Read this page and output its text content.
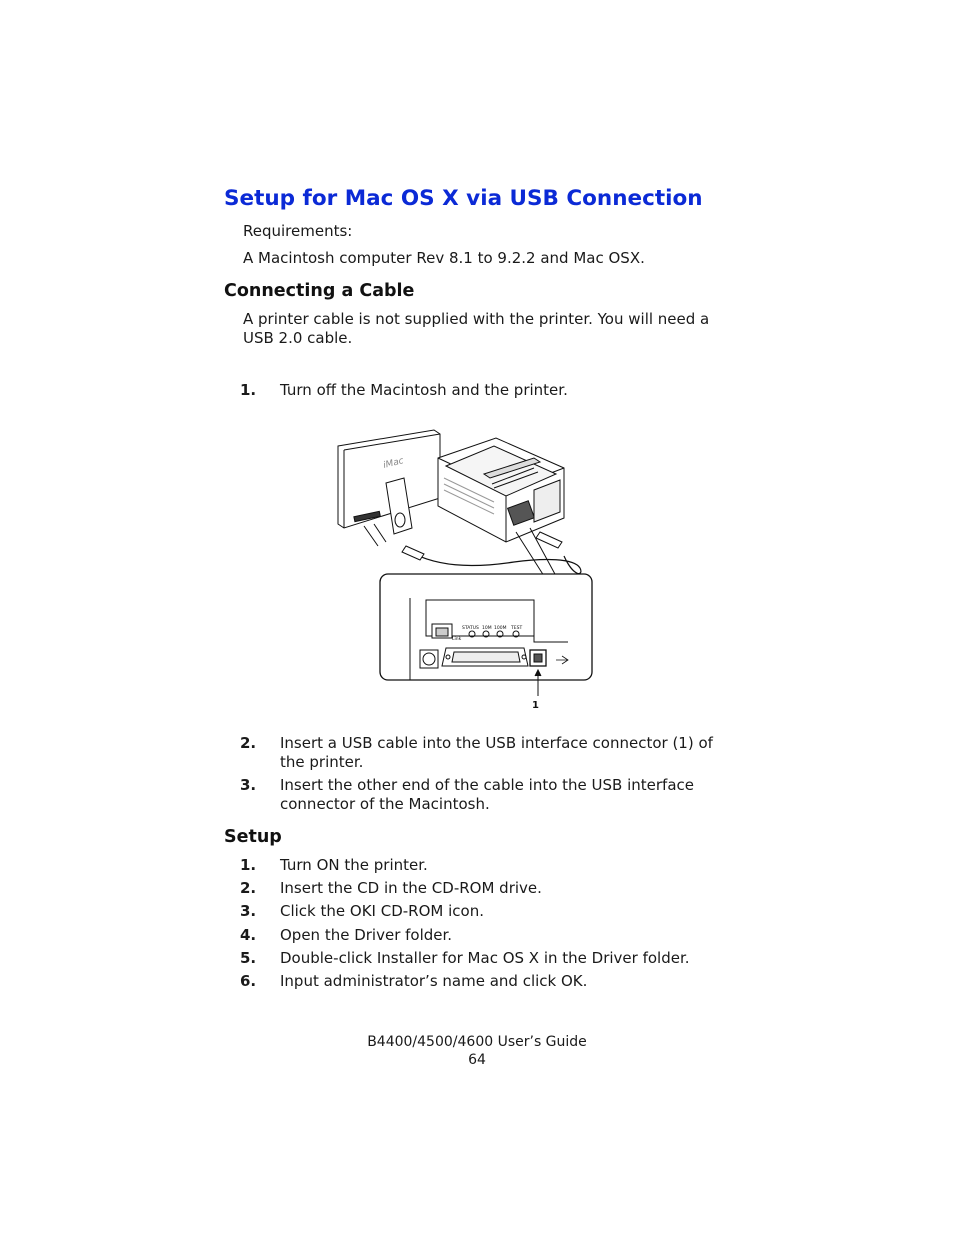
Setup for Mac OS X via USB Connection

Requirements:

A Macintosh computer Rev 8.1 to 9.2.2 and Mac OSX.

Connecting a Cable

A printer cable is not supplied with the printer. You will need a USB 2.0 cable.

1. Turn off the Macintosh and the printer.
iMac
STATUS 10M 100M TEST
Link
1
2. Insert a USB cable into the USB interface connector (1) of the printer.
3. Insert the other end of the cable into the USB interface connector of the Macintosh.
Setup
1. Turn ON the printer.
2. Insert the CD in the CD-ROM drive.
3. Click the OKI CD-ROM icon.
4. Open the Driver folder.
5. Double-click Installer for Mac OS X in the Driver folder.
6. Input administrator’s name and click OK.
B4400/4500/4600 User’s Guide
64
